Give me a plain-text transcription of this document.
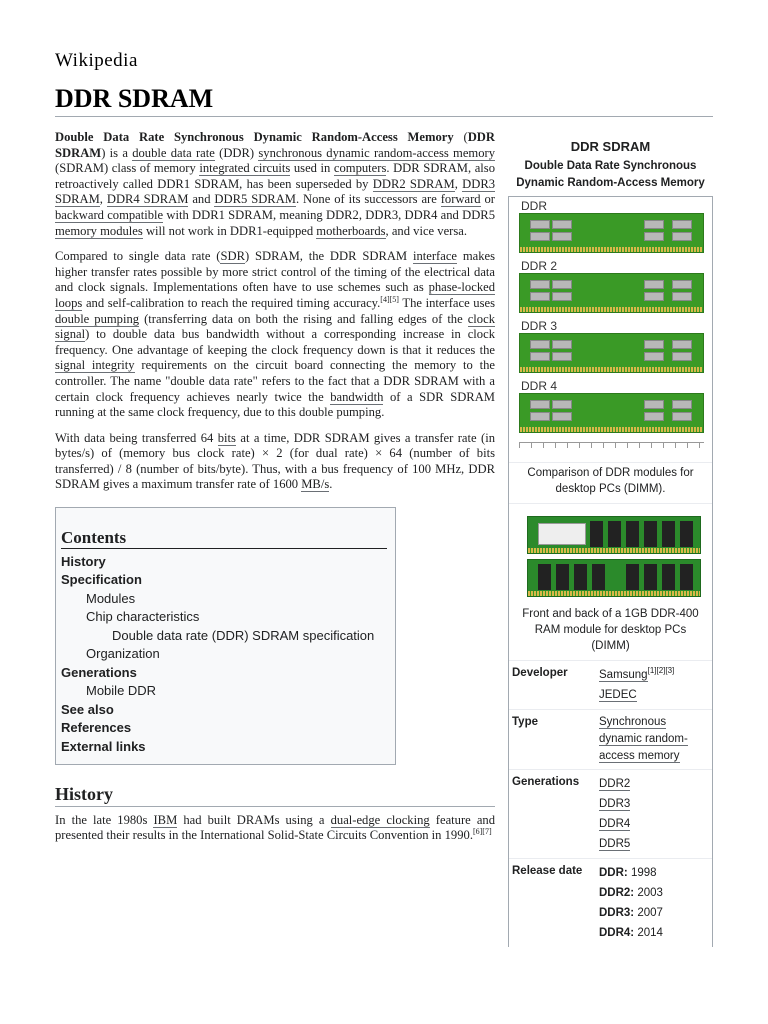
Wikipedia
DDR SDRAM

Double Data Rate Synchronous Dynamic Random-Access Memory (DDR SDRAM) is a double data rate (DDR) synchronous dynamic random-access memory (SDRAM) class of memory integrated circuits used in computers. DDR SDRAM, also retroactively called DDR1 SDRAM, has been superseded by DDR2 SDRAM, DDR3 SDRAM, DDR4 SDRAM and DDR5 SDRAM. None of its successors are forward or backward compatible with DDR1 SDRAM, meaning DDR2, DDR3, DDR4 and DDR5 memory modules will not work in DDR1-equipped motherboards, and vice versa.

Compared to single data rate (SDR) SDRAM, the DDR SDRAM interface makes higher transfer rates possible by more strict control of the timing of the electrical data and clock signals. Implementations often have to use schemes such as phase-locked loops and self-calibration to reach the required timing accuracy.[4][5] The interface uses double pumping (transferring data on both the rising and falling edges of the clock signal) to double data bus bandwidth without a corresponding increase in clock frequency. One advantage of keeping the clock frequency down is that it reduces the signal integrity requirements on the circuit board connecting the memory to the controller. The name "double data rate" refers to the fact that a DDR SDRAM with a certain clock frequency achieves nearly twice the bandwidth of a SDR SDRAM running at the same clock frequency, due to this double pumping.

With data being transferred 64 bits at a time, DDR SDRAM gives a transfer rate (in bytes/s) of (memory bus clock rate) × 2 (for dual rate) × 64 (number of bits transferred) / 8 (number of bits/byte). Thus, with a bus frequency of 100 MHz, DDR SDRAM gives a maximum transfer rate of 1600 MB/s.

Contents
History
Specification
Modules
Chip characteristics
Double data rate (DDR) SDRAM specification
Organization
Generations
Mobile DDR
See also
References
External links
History

In the late 1980s IBM had built DRAMs using a dual-edge clocking feature and presented their results in the International Solid-State Circuits Convention in 1990.[6][7]

DDR SDRAM
Double Data Rate Synchronous Dynamic Random-Access Memory
DDR
DDR 2
DDR 3
DDR 4
Comparison of DDR modules for desktop PCs (DIMM).
Front and back of a 1GB DDR-400 RAM module for desktop PCs (DIMM)
Developer	Samsung[1][2][3]
JEDEC
Type	Synchronous dynamic random-access memory
Generations	DDR2
DDR3
DDR4
DDR5
Release date	DDR: 1998
DDR2: 2003
DDR3: 2007
DDR4: 2014
